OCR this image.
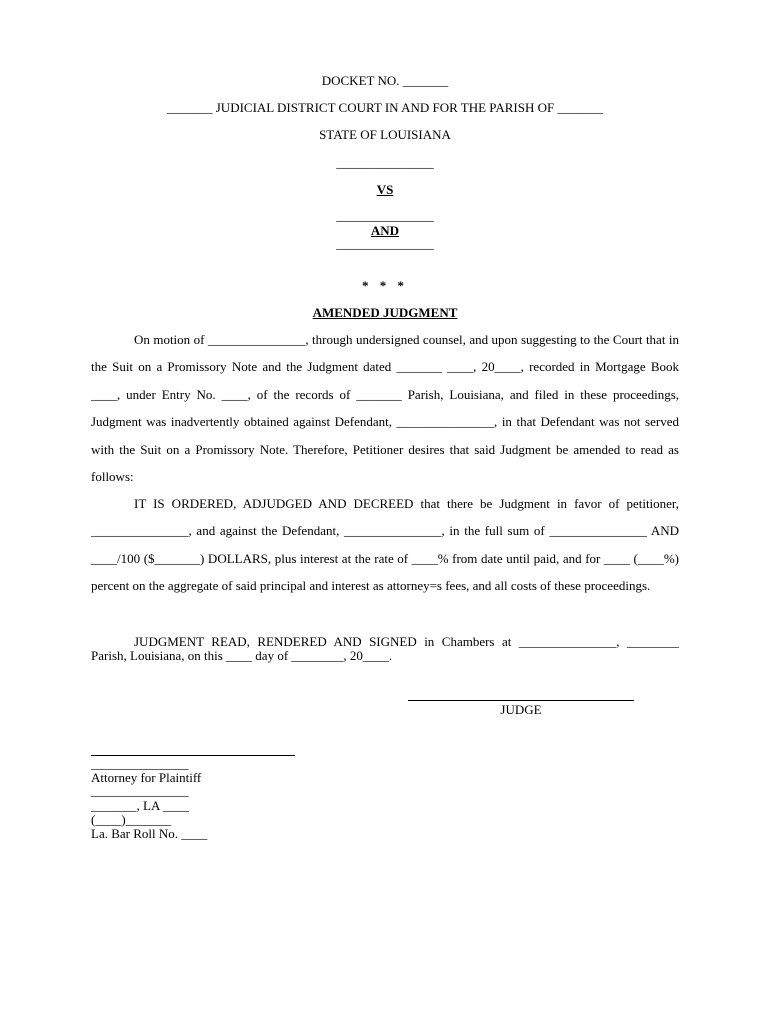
DOCKET NO. _______
_______ JUDICIAL DISTRICT COURT IN AND FOR THE PARISH OF _______
STATE OF LOUISIANA
_______________
VS
_______________
AND
_______________
* * *
AMENDED JUDGMENT

On motion of _______________, through undersigned counsel, and upon suggesting to the Court that in the Suit on a Promissory Note and the Judgment dated _______ ____, 20____, recorded in Mortgage Book ____, under Entry No. ____, of the records of _______ Parish, Louisiana, and filed in these proceedings, Judgment was inadvertently obtained against Defendant, _______________, in that Defendant was not served with the Suit on a Promissory Note. Therefore, Petitioner desires that said Judgment be amended to read as follows:

IT IS ORDERED, ADJUDGED AND DECREED that there be Judgment in favor of petitioner, _______________, and against the Defendant, _______________, in the full sum of _______________ AND ____/100 ($_______) DOLLARS, plus interest at the rate of ____% from date until paid, and for ____ (____%) percent on the aggregate of said principal and interest as attorney=s fees, and all costs of these proceedings.

JUDGMENT READ, RENDERED AND SIGNED in Chambers at _______________, ________ Parish, Louisiana, on this ____ day of ________, 20____.

JUDGE
_______________
Attorney for Plaintiff
_______________
_______, LA ____
(____)_______
La. Bar Roll No. ____
